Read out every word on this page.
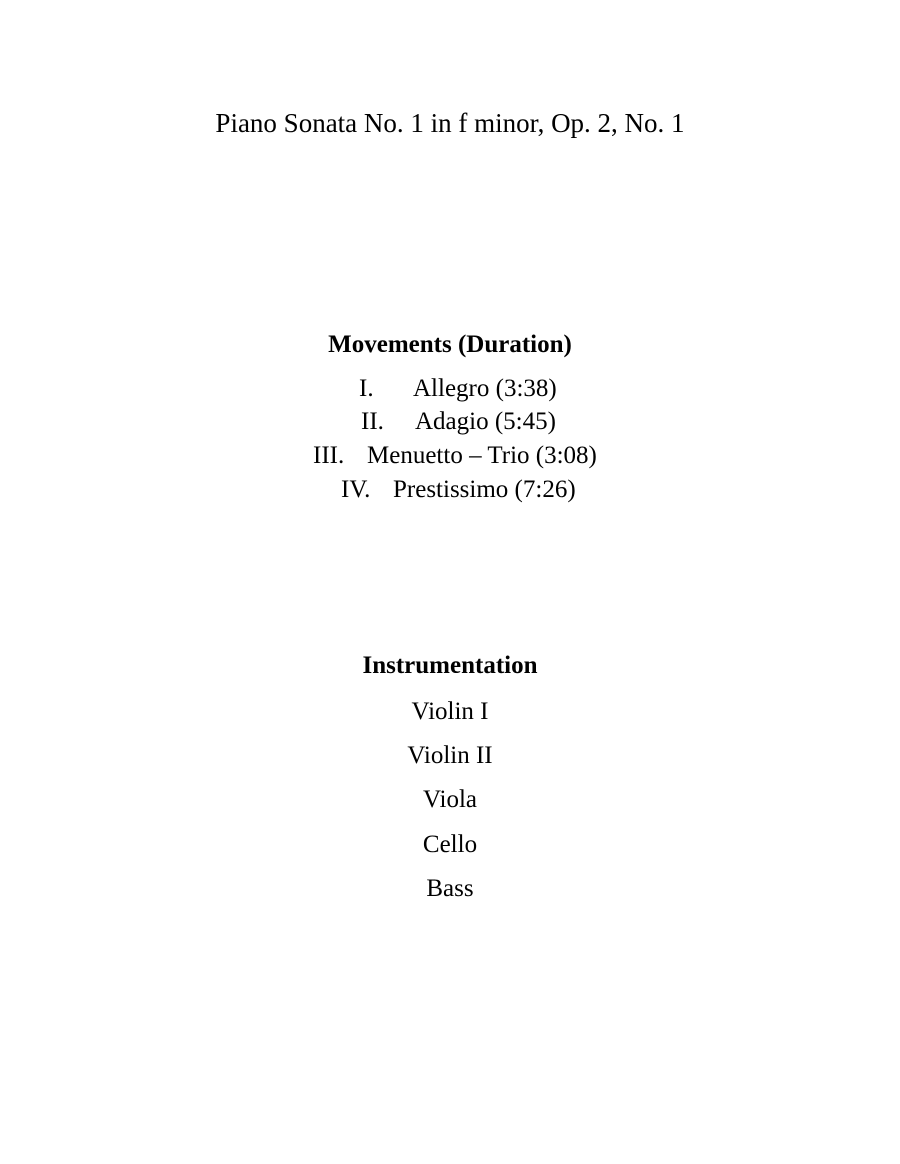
Piano Sonata No. 1 in f minor, Op. 2, No. 1
Movements (Duration)
I. Allegro (3:38)
II. Adagio (5:45)
III. Menuetto – Trio (3:08)
IV. Prestissimo (7:26)
Instrumentation
Violin I
Violin II
Viola
Cello
Bass
